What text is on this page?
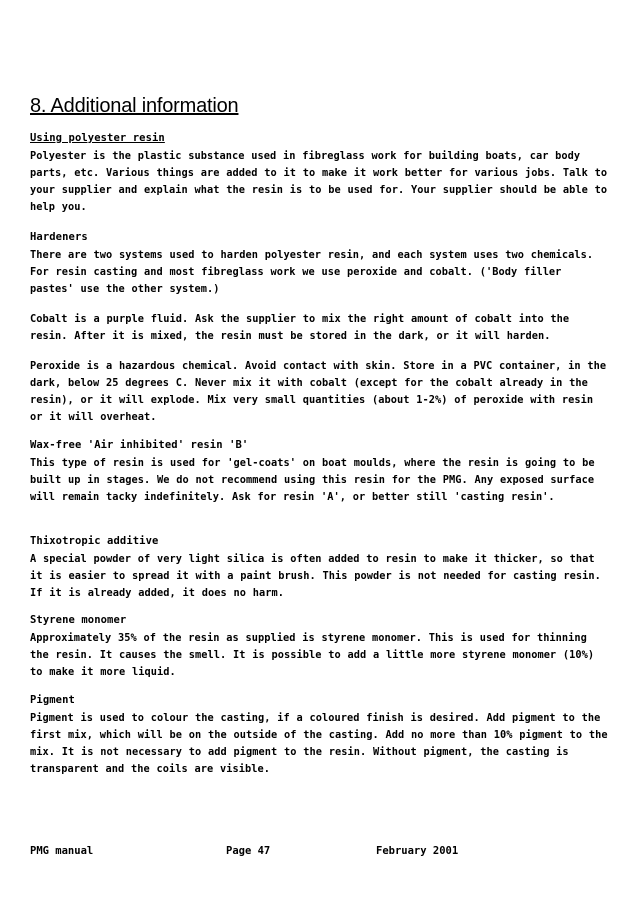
8. Additional information

Using polyester resin

Polyester is the plastic substance used in fibreglass work for building boats, car body parts, etc. Various things are added to it to make it work better for various jobs. Talk to your supplier and explain what the resin is to be used for. Your supplier should be able to help you.

Hardeners

There are two systems used to harden polyester resin, and each system uses two chemicals. For resin casting and most fibreglass work we use peroxide and cobalt. ('Body filler pastes' use the other system.)

Cobalt is a purple fluid. Ask the supplier to mix the right amount of cobalt into the resin. After it is mixed, the resin must be stored in the dark, or it will harden.

Peroxide is a hazardous chemical. Avoid contact with skin. Store in a PVC container, in the dark, below 25 degrees C. Never mix it with cobalt (except for the cobalt already in the resin), or it will explode. Mix very small quantities (about 1-2%) of peroxide with resin or it will overheat.

Wax-free 'Air inhibited' resin 'B'

This type of resin is used for 'gel-coats' on boat moulds, where the resin is going to be built up in stages. We do not recommend using this resin for the PMG. Any exposed surface will remain tacky indefinitely. Ask for resin 'A', or better still 'casting resin'.

Thixotropic additive

A special powder of very light silica is often added to resin to make it thicker, so that it is easier to spread it with a paint brush. This powder is not needed for casting resin. If it is already added, it does no harm.

Styrene monomer

Approximately 35% of the resin as supplied is styrene monomer. This is used for thinning the resin. It causes the smell. It is possible to add a little more styrene monomer (10%) to make it more liquid.

Pigment

Pigment is used to colour the casting, if a coloured finish is desired. Add pigment to the first mix, which will be on the outside of the casting. Add no more than 10% pigment to the mix. It is not necessary to add pigment to the resin. Without pigment, the casting is transparent and the coils are visible.

PMG manual	Page 47	February 2001
